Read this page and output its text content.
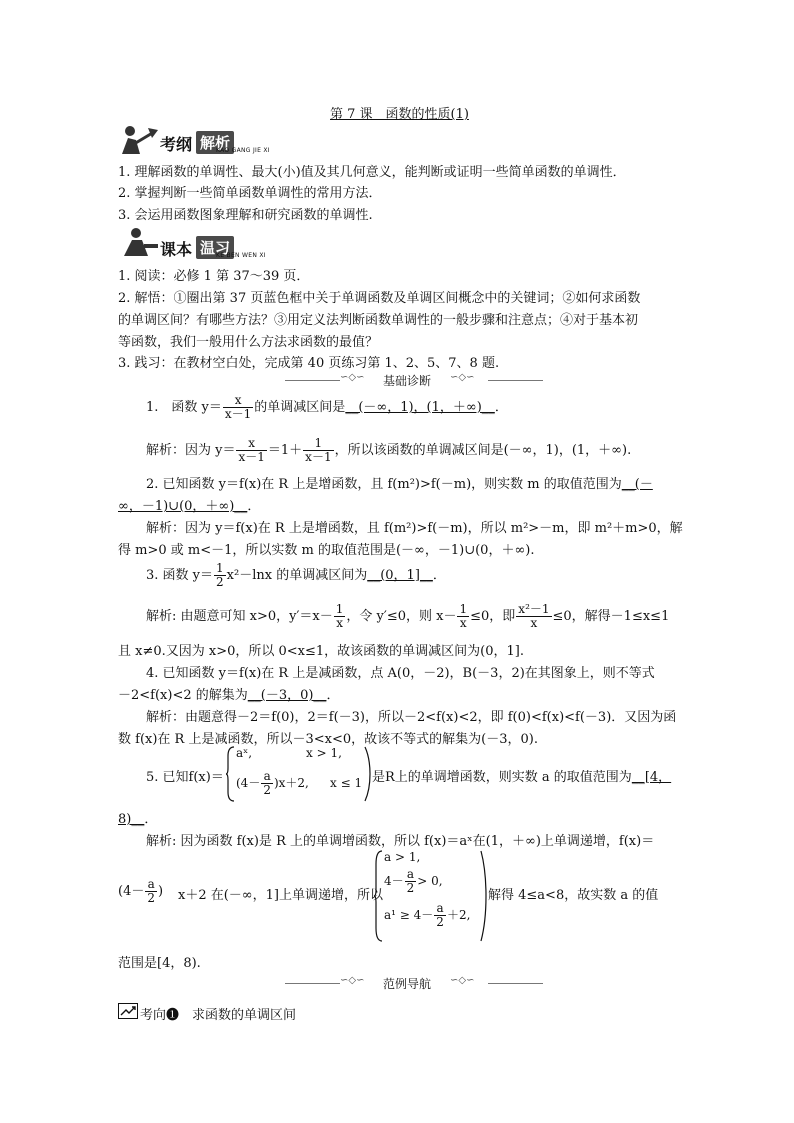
第 7 课　函数的性质(1)
考纲 解析
KAO GANG JIE XI
1. 理解函数的单调性、最大(小)值及其几何意义，能判断或证明一些简单函数的单调性．
2. 掌握判断一些简单函数单调性的常用方法．
3. 会运用函数图象理解和研究函数的单调性.
课本 温习
KE BEN WEN XI
1. 阅读：必修 1 第 37～39 页．
2. 解悟：①圈出第 37 页蓝色框中关于单调函数及单调区间概念中的关键词；②如何求函数
的单调区间？有哪些方法？③用定义法判断函数单调性的一般步骤和注意点；④对于基本初
等函数，我们一般用什么方法求函数的最值？
3. 践习：在教材空白处，完成第 40 页练习第 1、2、5、7、8 题.
∽◇∽ 基础诊断 ∽◇∽
1.　函数 $y= \frac{x}{x-1}$ 的单调减区间是__(－∞，1)，(1，＋∞)__．
解析：因为 $y= \frac{x}{x-1} =1+ \frac{1}{x-1}$ ，所以该函数的单调减区间是(－∞，1)，(1，＋∞).
2. 已知函数 y＝f(x)在 R 上是增函数，且 f(m²)>f(－m)，则实数 m 的取值范围为__(－
∞，－1)∪(0，＋∞)__．
解析：因为 y＝f(x)在 R 上是增函数，且 f(m²)>f(－m)，所以 m²>－m，即 m²＋m>0，解
得 m>0 或 m<－1，所以实数 m 的取值范围是(－∞，－1)∪(0，＋∞).
3. 函数 $y= \frac{1}{2} x^2-\ln x$ 的单调减区间为__(0，1]__．
解析: 由题意可知 x>0，$y'=x- \frac{1}{x}$ ，令 y′≤0，则 $x- \frac{1}{x} \le 0$，即 $\frac{\text{x²－1}}{x} \le 0$，解得－1≤x≤1
且 x≠0.又因为 x>0，所以 0<x≤1，故该函数的单调减区间为(0，1].
4. 已知函数 y＝f(x)在 R 上是减函数，点 A(0，－2)，B(－3，2)在其图象上，则不等式
－2<f(x)<2 的解集为__(－3，0)__．
解析：由题意得－2＝f(0)，2＝f(－3)，所以－2<f(x)<2，即 f(0)<f(x)<f(－3)．又因为函
数 f(x)在 R 上是减函数，所以－3<x<0，故该不等式的解集为(－3，0).
5. 已知f(x)＝
aˣ,	x > 1,
$(4- \frac{a}{2} )x+2$, x ≤ 1 是R上的单调增函数，则实数 a 的取值范围为__[4，
8)__．
解析: 因为函数 f(x)是 R 上的单调增函数，所以 f(x)＝aˣ在(1，＋∞)上单调递增，f(x)＝
($4- \frac{a}{2}$ ) x＋2 在(－∞，1]上单调递增，所以
a > 1,
$4- \frac{a}{2} > 0$,
$a^1 \ge 4- \frac{a}{2} +2$,
解得 4≤a<8，故实数 a 的值
范围是[4，8).
∽◇∽ 范例导航 ∽◇∽
考向❶　求函数的单调区间
